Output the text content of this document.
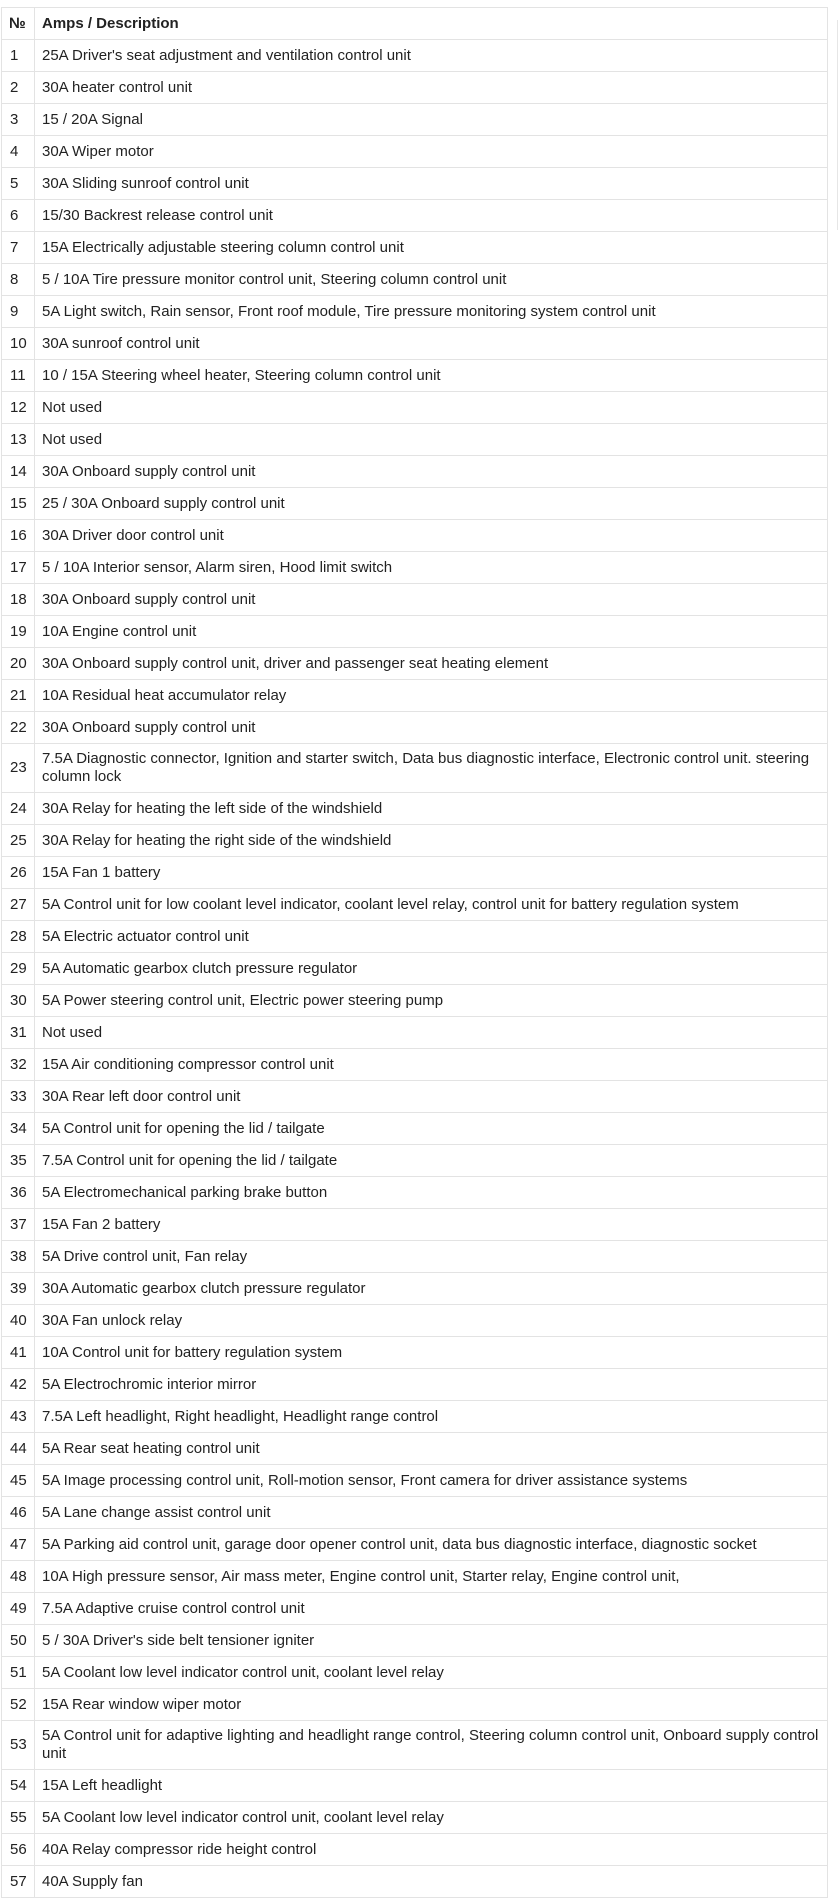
№	Amps / Description
1	25A Driver's seat adjustment and ventilation control unit
2	30A heater control unit
3	15 / 20A Signal
4	30A Wiper motor
5	30A Sliding sunroof control unit
6	15/30 Backrest release control unit
7	15A Electrically adjustable steering column control unit
8	5 / 10A Tire pressure monitor control unit, Steering column control unit
9	5A Light switch, Rain sensor, Front roof module, Tire pressure monitoring system control unit
10	30A sunroof control unit
11	10 / 15A Steering wheel heater, Steering column control unit
12	Not used
13	Not used
14	30A Onboard supply control unit
15	25 / 30A Onboard supply control unit
16	30A Driver door control unit
17	5 / 10A Interior sensor, Alarm siren, Hood limit switch
18	30A Onboard supply control unit
19	10A Engine control unit
20	30A Onboard supply control unit, driver and passenger seat heating element
21	10A Residual heat accumulator relay
22	30A Onboard supply control unit
23	7.5A Diagnostic connector, Ignition and starter switch, Data bus diagnostic interface, Electronic control unit. steering column lock
24	30A Relay for heating the left side of the windshield
25	30A Relay for heating the right side of the windshield
26	15A Fan 1 battery
27	5A Control unit for low coolant level indicator, coolant level relay, control unit for battery regulation system
28	5A Electric actuator control unit
29	5A Automatic gearbox clutch pressure regulator
30	5A Power steering control unit, Electric power steering pump
31	Not used
32	15A Air conditioning compressor control unit
33	30A Rear left door control unit
34	5A Control unit for opening the lid / tailgate
35	7.5A Control unit for opening the lid / tailgate
36	5A Electromechanical parking brake button
37	15A Fan 2 battery
38	5A Drive control unit, Fan relay
39	30A Automatic gearbox clutch pressure regulator
40	30A Fan unlock relay
41	10A Control unit for battery regulation system
42	5A Electrochromic interior mirror
43	7.5A Left headlight, Right headlight, Headlight range control
44	5A Rear seat heating control unit
45	5A Image processing control unit, Roll-motion sensor, Front camera for driver assistance systems
46	5A Lane change assist control unit
47	5A Parking aid control unit, garage door opener control unit, data bus diagnostic interface, diagnostic socket
48	10A High pressure sensor, Air mass meter, Engine control unit, Starter relay, Engine control unit,
49	7.5A Adaptive cruise control control unit
50	5 / 30A Driver's side belt tensioner igniter
51	5A Coolant low level indicator control unit, coolant level relay
52	15A Rear window wiper motor
53	5A Control unit for adaptive lighting and headlight range control, Steering column control unit, Onboard supply control unit
54	15A Left headlight
55	5A Coolant low level indicator control unit, coolant level relay
56	40A Relay compressor ride height control
57	40A Supply fan
